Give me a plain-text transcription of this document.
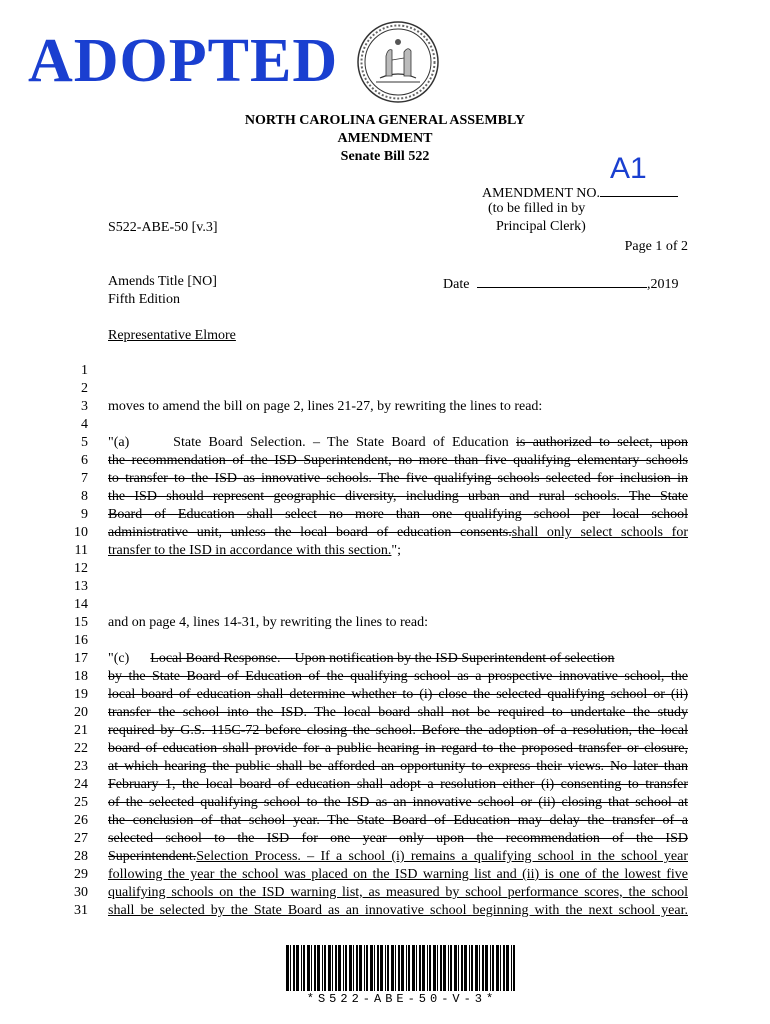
ADOPTED
NORTH CAROLINA GENERAL ASSEMBLY
AMENDMENT
Senate Bill 522
AMENDMENT NO.
A1
(to be filled in by
Principal Clerk)
S522-ABE-50 [v.3]
Page 1 of 2
Amends Title [NO]
Fifth Edition
Date	,2019
Representative Elmore
1
2
3
4
5
6
7
8
9
10
11
12
13
14
15
16
17
18
19
20
21
22
23
24
25
26
27
28
29
30
31
moves to amend the bill on page 2, lines 21-27, by rewriting the lines to read:
"(a)      State Board Selection. – The State Board of Education is authorized to select, upon
the recommendation of the ISD Superintendent, no more than five qualifying elementary schools
to transfer to the ISD as innovative schools. The five qualifying schools selected for inclusion in
the ISD should represent geographic diversity, including urban and rural schools. The State
Board of Education shall select no more than one qualifying school per local school
administrative unit, unless the local board of education consents.shall only select schools for
transfer to the ISD in accordance with this section.";
and on page 4, lines 14-31, by rewriting the lines to read:
"(c)      Local Board Response.    Upon notification by the ISD Superintendent of selection
by the State Board of Education of the qualifying school as a prospective innovative school, the
local board of education shall determine whether to (i) close the selected qualifying school or (ii)
transfer the school into the ISD. The local board shall not be required to undertake the study
required by G.S. 115C-72 before closing the school. Before the adoption of a resolution, the local
board of education shall provide for a public hearing in regard to the proposed transfer or closure,
at which hearing the public shall be afforded an opportunity to express their views. No later than
February 1, the local board of education shall adopt a resolution either (i) consenting to transfer
of the selected qualifying school to the ISD as an innovative school or (ii) closing that school at
the conclusion of that school year. The State Board of Education may delay the transfer of a
selected school to the ISD for one year only upon the recommendation of the ISD
Superintendent.Selection Process. – If a school (i) remains a qualifying school in the school year
following the year the school was placed on the ISD warning list and (ii) is one of the lowest five
qualifying schools on the ISD warning list, as measured by school performance scores, the school
shall be selected by the State Board as an innovative school beginning with the next school year.
*S522-ABE-50-V-3*
